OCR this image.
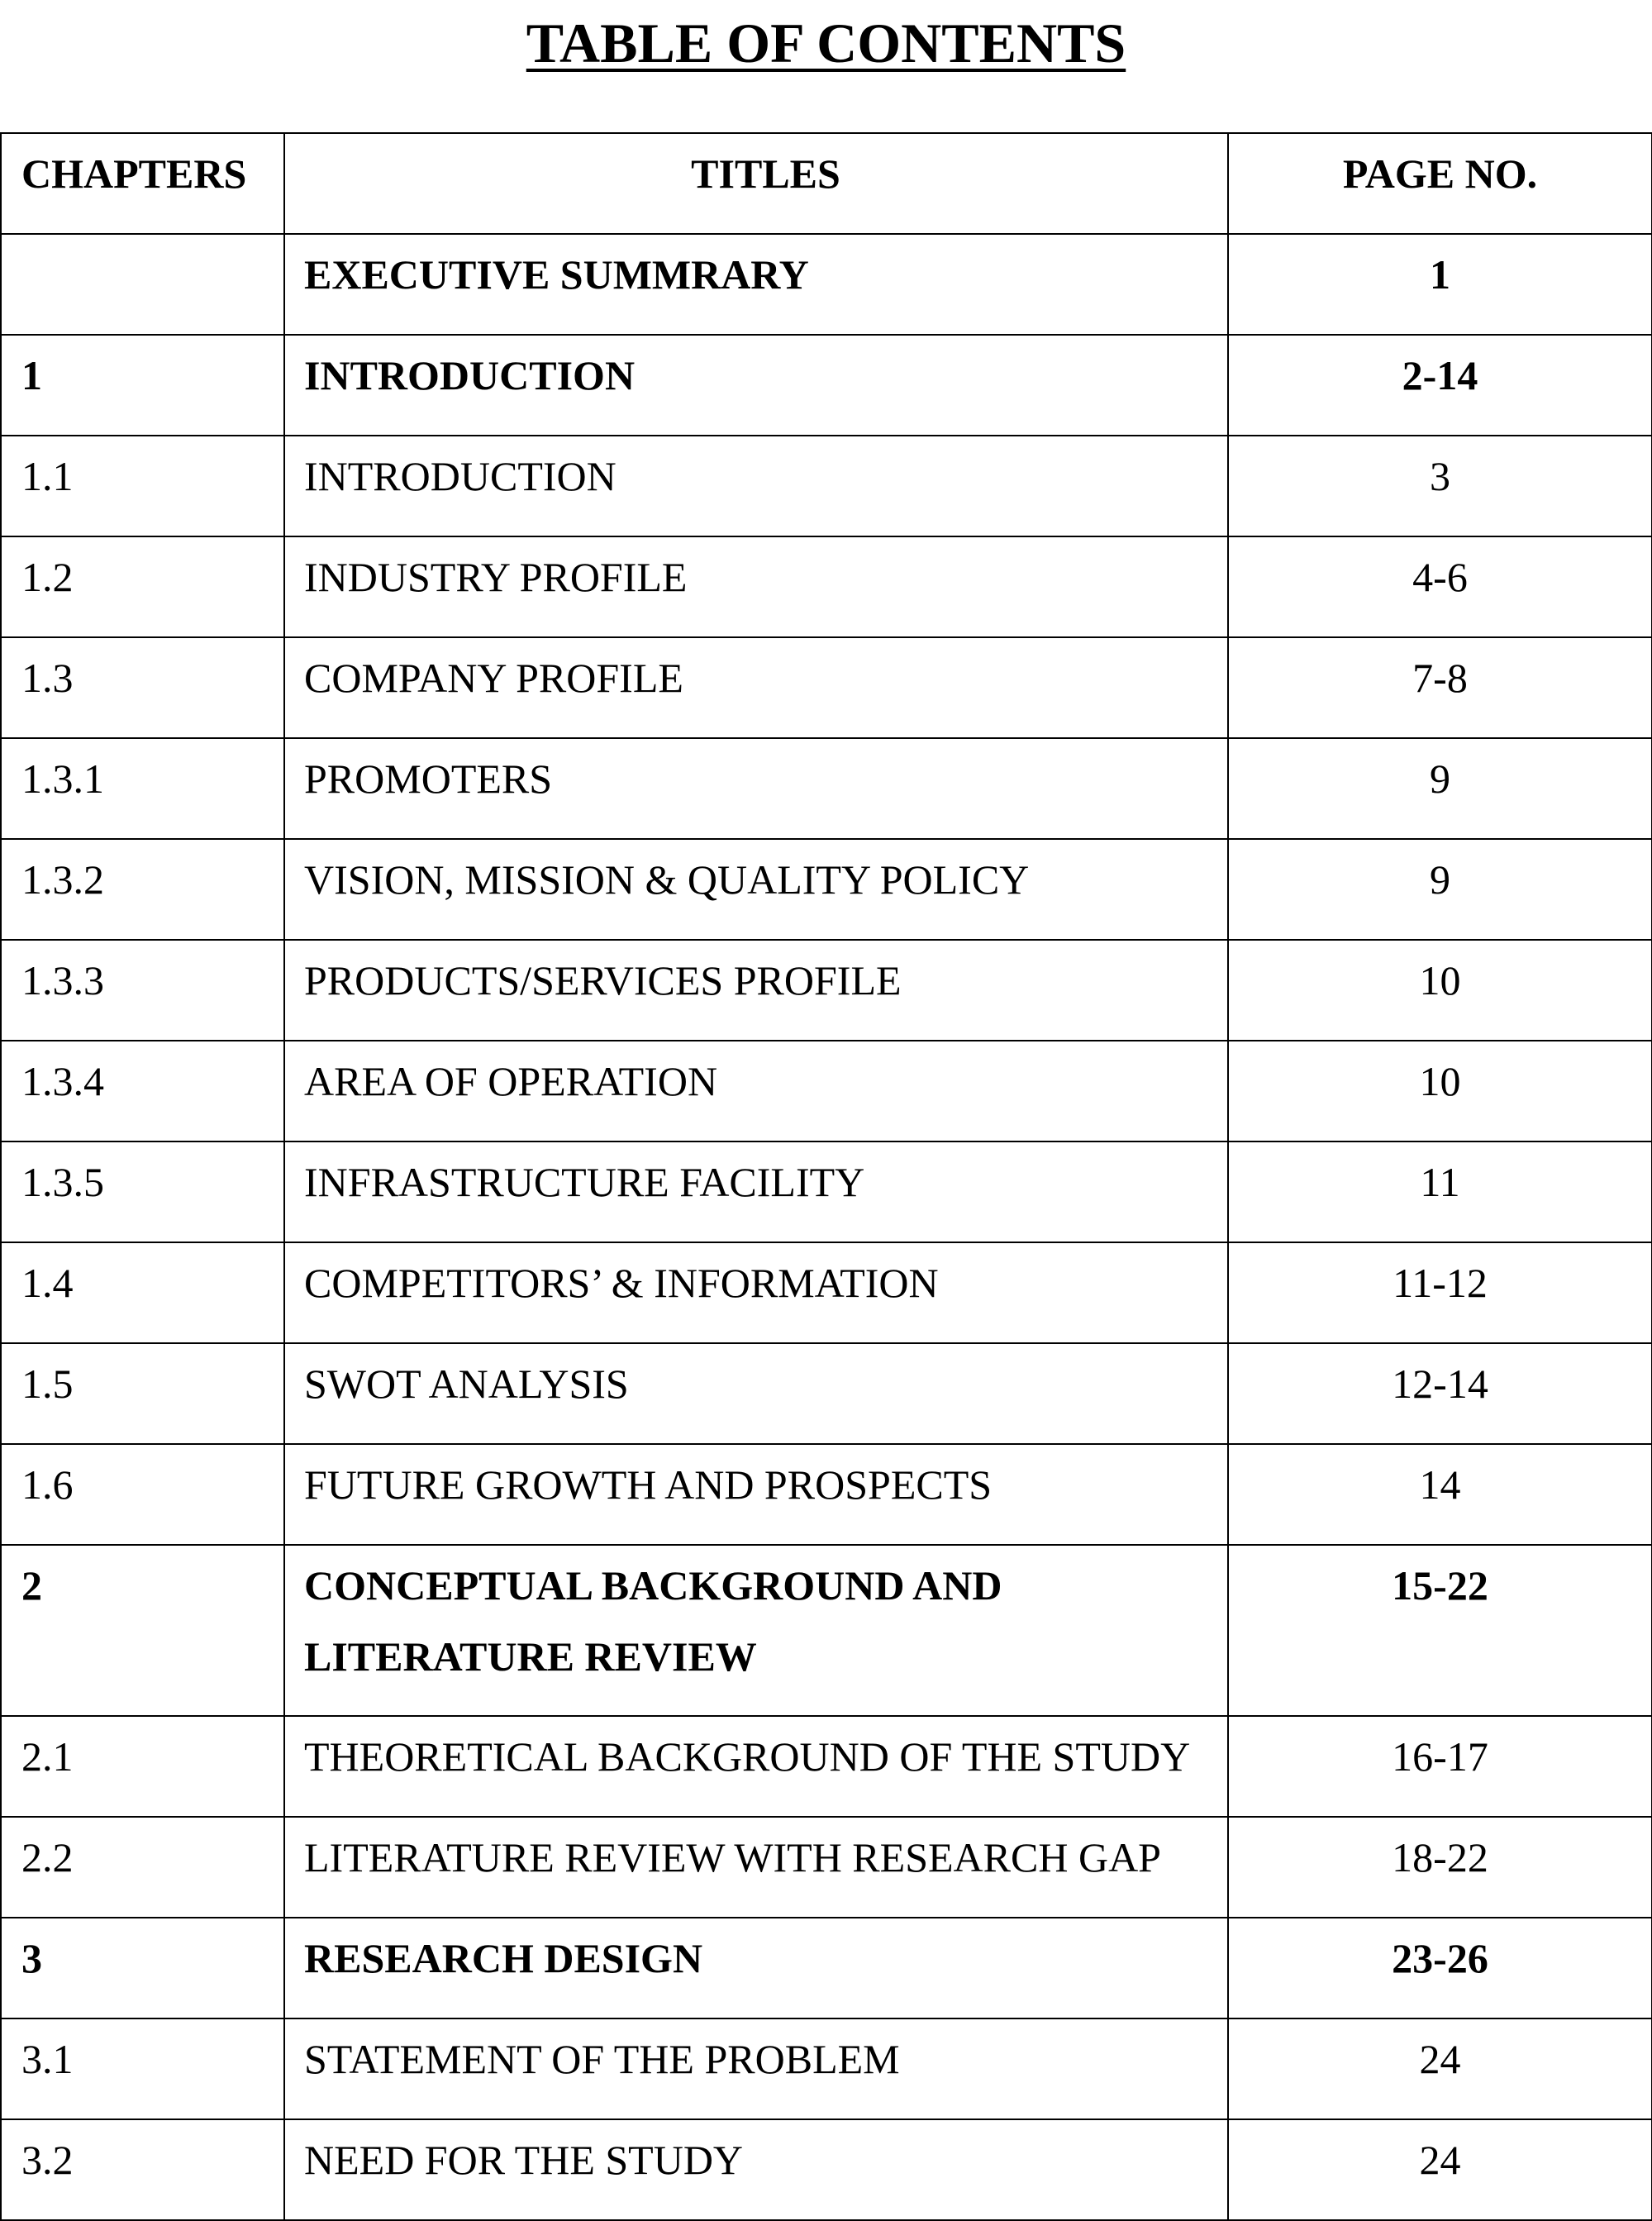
TABLE OF CONTENTS
CHAPTERS	TITLES	PAGE NO.

	EXECUTIVE SUMMRARY	1

1	INTRODUCTION	2-14

1.1	INTRODUCTION	3

1.2	INDUSTRY PROFILE	4-6

1.3	COMPANY PROFILE	7-8

1.3.1	PROMOTERS	9

1.3.2	VISION, MISSION & QUALITY POLICY	9

1.3.3	PRODUCTS/SERVICES PROFILE	10

1.3.4	AREA OF OPERATION	10

1.3.5	INFRASTRUCTURE FACILITY	11

1.4	COMPETITORS’ & INFORMATION	11-12

1.5	SWOT ANALYSIS	12-14

1.6	FUTURE GROWTH AND PROSPECTS	14

2	CONCEPTUAL BACKGROUND AND LITERATURE REVIEW	15-22

2.1	THEORETICAL BACKGROUND OF THE STUDY	16-17

2.2	LITERATURE REVIEW WITH RESEARCH GAP	18-22

3	RESEARCH DESIGN	23-26

3.1	STATEMENT OF THE PROBLEM	24

3.2	NEED FOR THE STUDY	24
